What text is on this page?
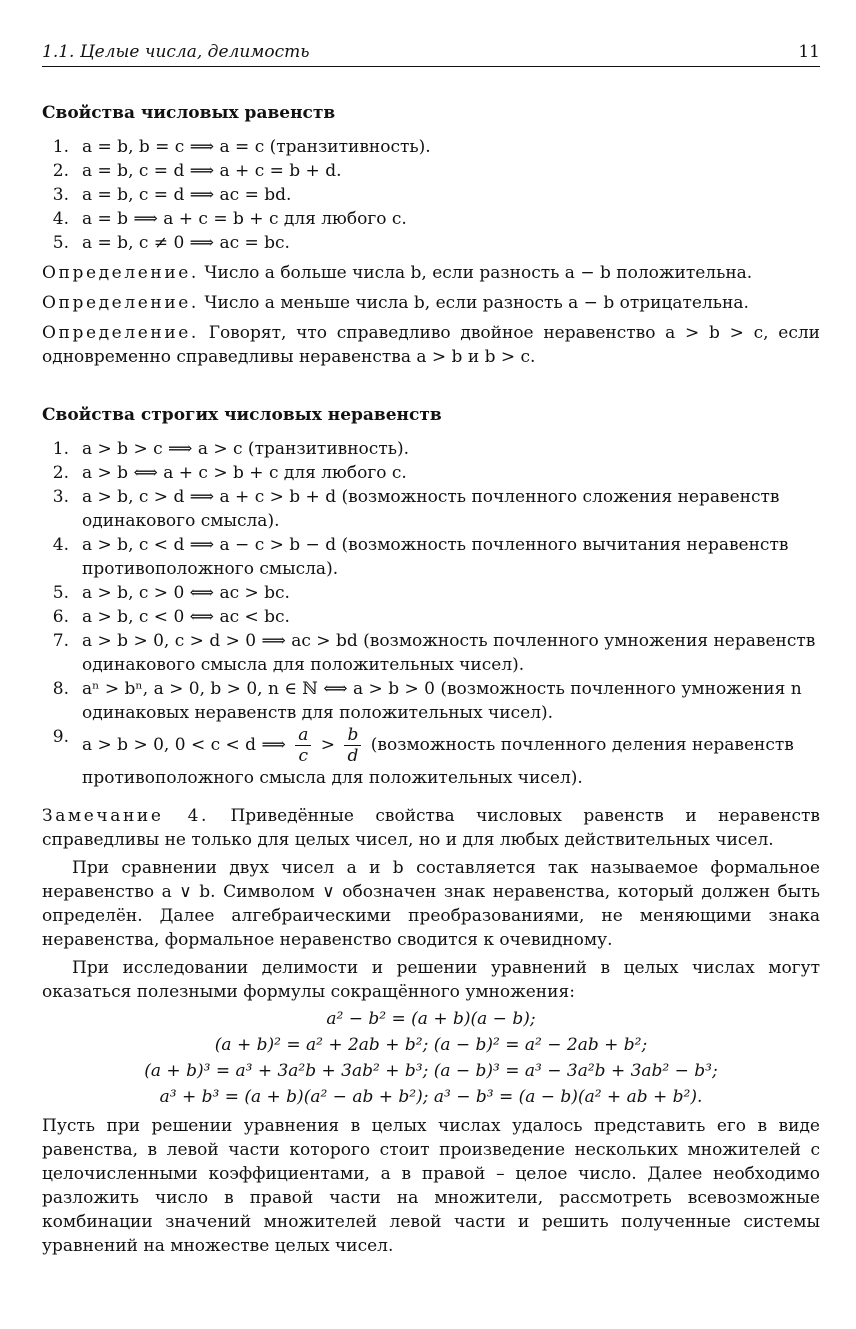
1.1. Целые числа, делимость	11
Свойства числовых равенств
1. a = b, b = c ⟹ a = c (транзитивность).
2. a = b, c = d ⟹ a + c = b + d.
3. a = b, c = d ⟹ ac = bd.
4. a = b ⟹ a + c = b + c для любого c.
5. a = b, c ≠ 0 ⟹ ac = bc.
Определение. Число a больше числа b, если разность a − b положительна.
Определение. Число a меньше числа b, если разность a − b отрицательна.
Определение. Говорят, что справедливо двойное неравенство a > b > c, если одновременно справедливы неравенства a > b и b > c.
Свойства строгих числовых неравенств
1. a > b > c ⟹ a > c (транзитивность).
2. a > b ⟺ a + c > b + c для любого c.
3. a > b, c > d ⟹ a + c > b + d (возможность почленного сложения неравенств одинакового смысла).
4. a > b, c < d ⟹ a − c > b − d (возможность почленного вычитания неравенств противоположного смысла).
5. a > b, c > 0 ⟺ ac > bc.
6. a > b, c < 0 ⟺ ac < bc.
7. a > b > 0, c > d > 0 ⟹ ac > bd (возможность почленного умножения неравенств одинакового смысла для положительных чисел).
8. aⁿ > bⁿ, a > 0, b > 0, n ∈ ℕ ⟺ a > b > 0 (возможность почленного умножения n одинаковых неравенств для положительных чисел).
9. a > b > 0, 0 < c < d ⟹ $\frac{a}{c} > \frac{b}{d}$ (возможность почленного деления неравенств противоположного смысла для положительных чисел).
Замечание 4. Приведённые свойства числовых равенств и неравенств справедливы не только для целых чисел, но и для любых действительных чисел.
При сравнении двух чисел a и b составляется так называемое формальное неравенство a ∨ b. Символом ∨ обозначен знак неравенства, который должен быть определён. Далее алгебраическими преобразованиями, не меняющими знака неравенства, формальное неравенство сводится к очевидному.
При исследовании делимости и решении уравнений в целых числах могут оказаться полезными формулы сокращённого умножения:
a² − b² = (a + b)(a − b);
(a + b)² = a² + 2ab + b²; (a − b)² = a² − 2ab + b²;
(a + b)³ = a³ + 3a²b + 3ab² + b³; (a − b)³ = a³ − 3a²b + 3ab² − b³;
a³ + b³ = (a + b)(a² − ab + b²); a³ − b³ = (a − b)(a² + ab + b²).
Пусть при решении уравнения в целых числах удалось представить его в виде равенства, в левой части которого стоит произведение нескольких множителей с целочисленными коэффициентами, а в правой – целое число. Далее необходимо разложить число в правой части на множители, рассмотреть всевозможные комбинации значений множителей левой части и решить полученные системы уравнений на множестве целых чисел.
